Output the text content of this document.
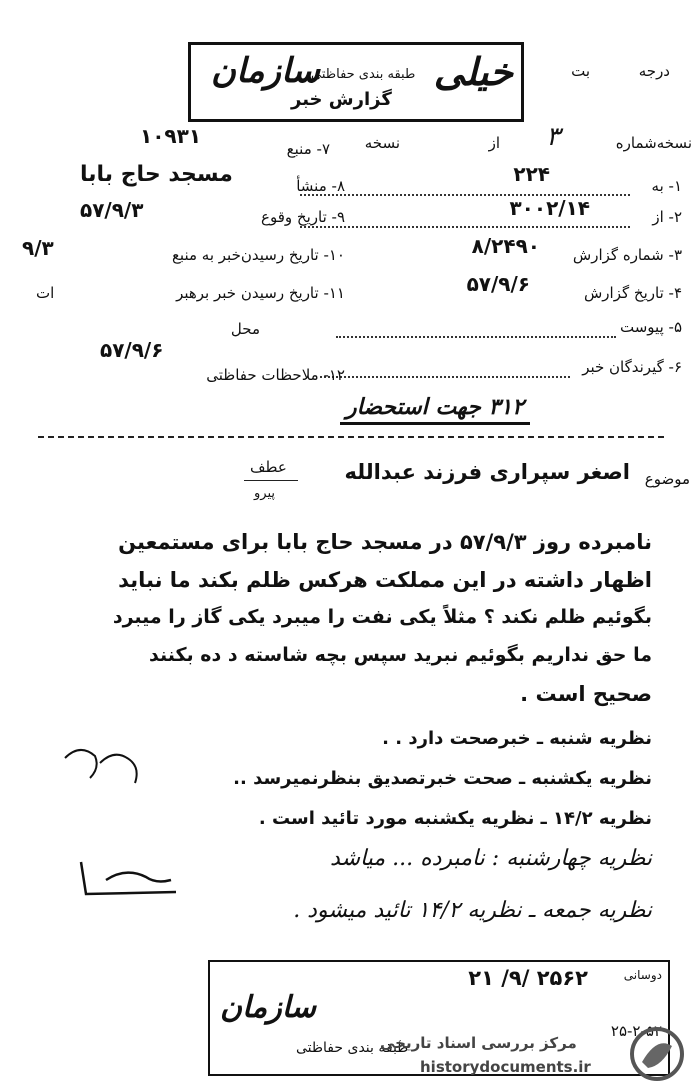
درجه
بت
خیلی
سازمان
طبقه بندی حفاظتی
گزارش خبر
نسخه‌شماره
۳
از
نسخه
۱- به
۲۲۴
۲- از
۳۰۰۲/۱۴
۳- شماره گزارش
۸/۲۴۹۰
۴- تاریخ گزارش
۵۷/۹/۶
۵- پیوست
۶- گیرندگان خبر
۷- منبع
۱۰۹۳۱
۸- منشأ
مسجد حاج بابا
۹- تاریخ وقوع
۵۷/۹/۳
۱۰- تاریخ رسیدن‌خبر به منبع
۹/۳
۱۱- تاریخ رسیدن خبر برهبر
ات
محل
۵۷/۹/۶
۱۲- ملاحظات حفاظتی
۳۱۲ جهت استحضار
موضوع
اصغر سپراری فرزند عبدالله
عطف
پیرو
نامبرده روز ۵۷/۹/۳ در مسجد حاج بابا برای مستمعین
اظهار داشته در این مملکت هرکس ظلم بکند ما نباید
بگوئیم ظلم نکند ؟ مثلاً یکی نفت را میبرد یکی گاز را میبرد
ما حق نداریم بگوئیم نبرید سپس بچه شاسته د ده بکنند
صحیح است .
نظریه شنبه ـ خبرصحت دارد . .
نظریه یکشنبه ـ صحت خبرتصدیق بنظرنمیرسد ..
نظریه ۱۴/۲ ـ نظریه یکشنبه مورد تائید است .
نظریه چهارشنبه : نامبرده ... میاشد
نظریه جمعه ـ نظریه ۱۴/۲ تائید میشود .
دوسانی
۲۵۶۲ /۹/ ۲۱
سازمان
۲۵-۲-۵۲
طبقه بندی حفاظتی
مرکز بررسی اسناد تاریخی
historydocuments.ir
